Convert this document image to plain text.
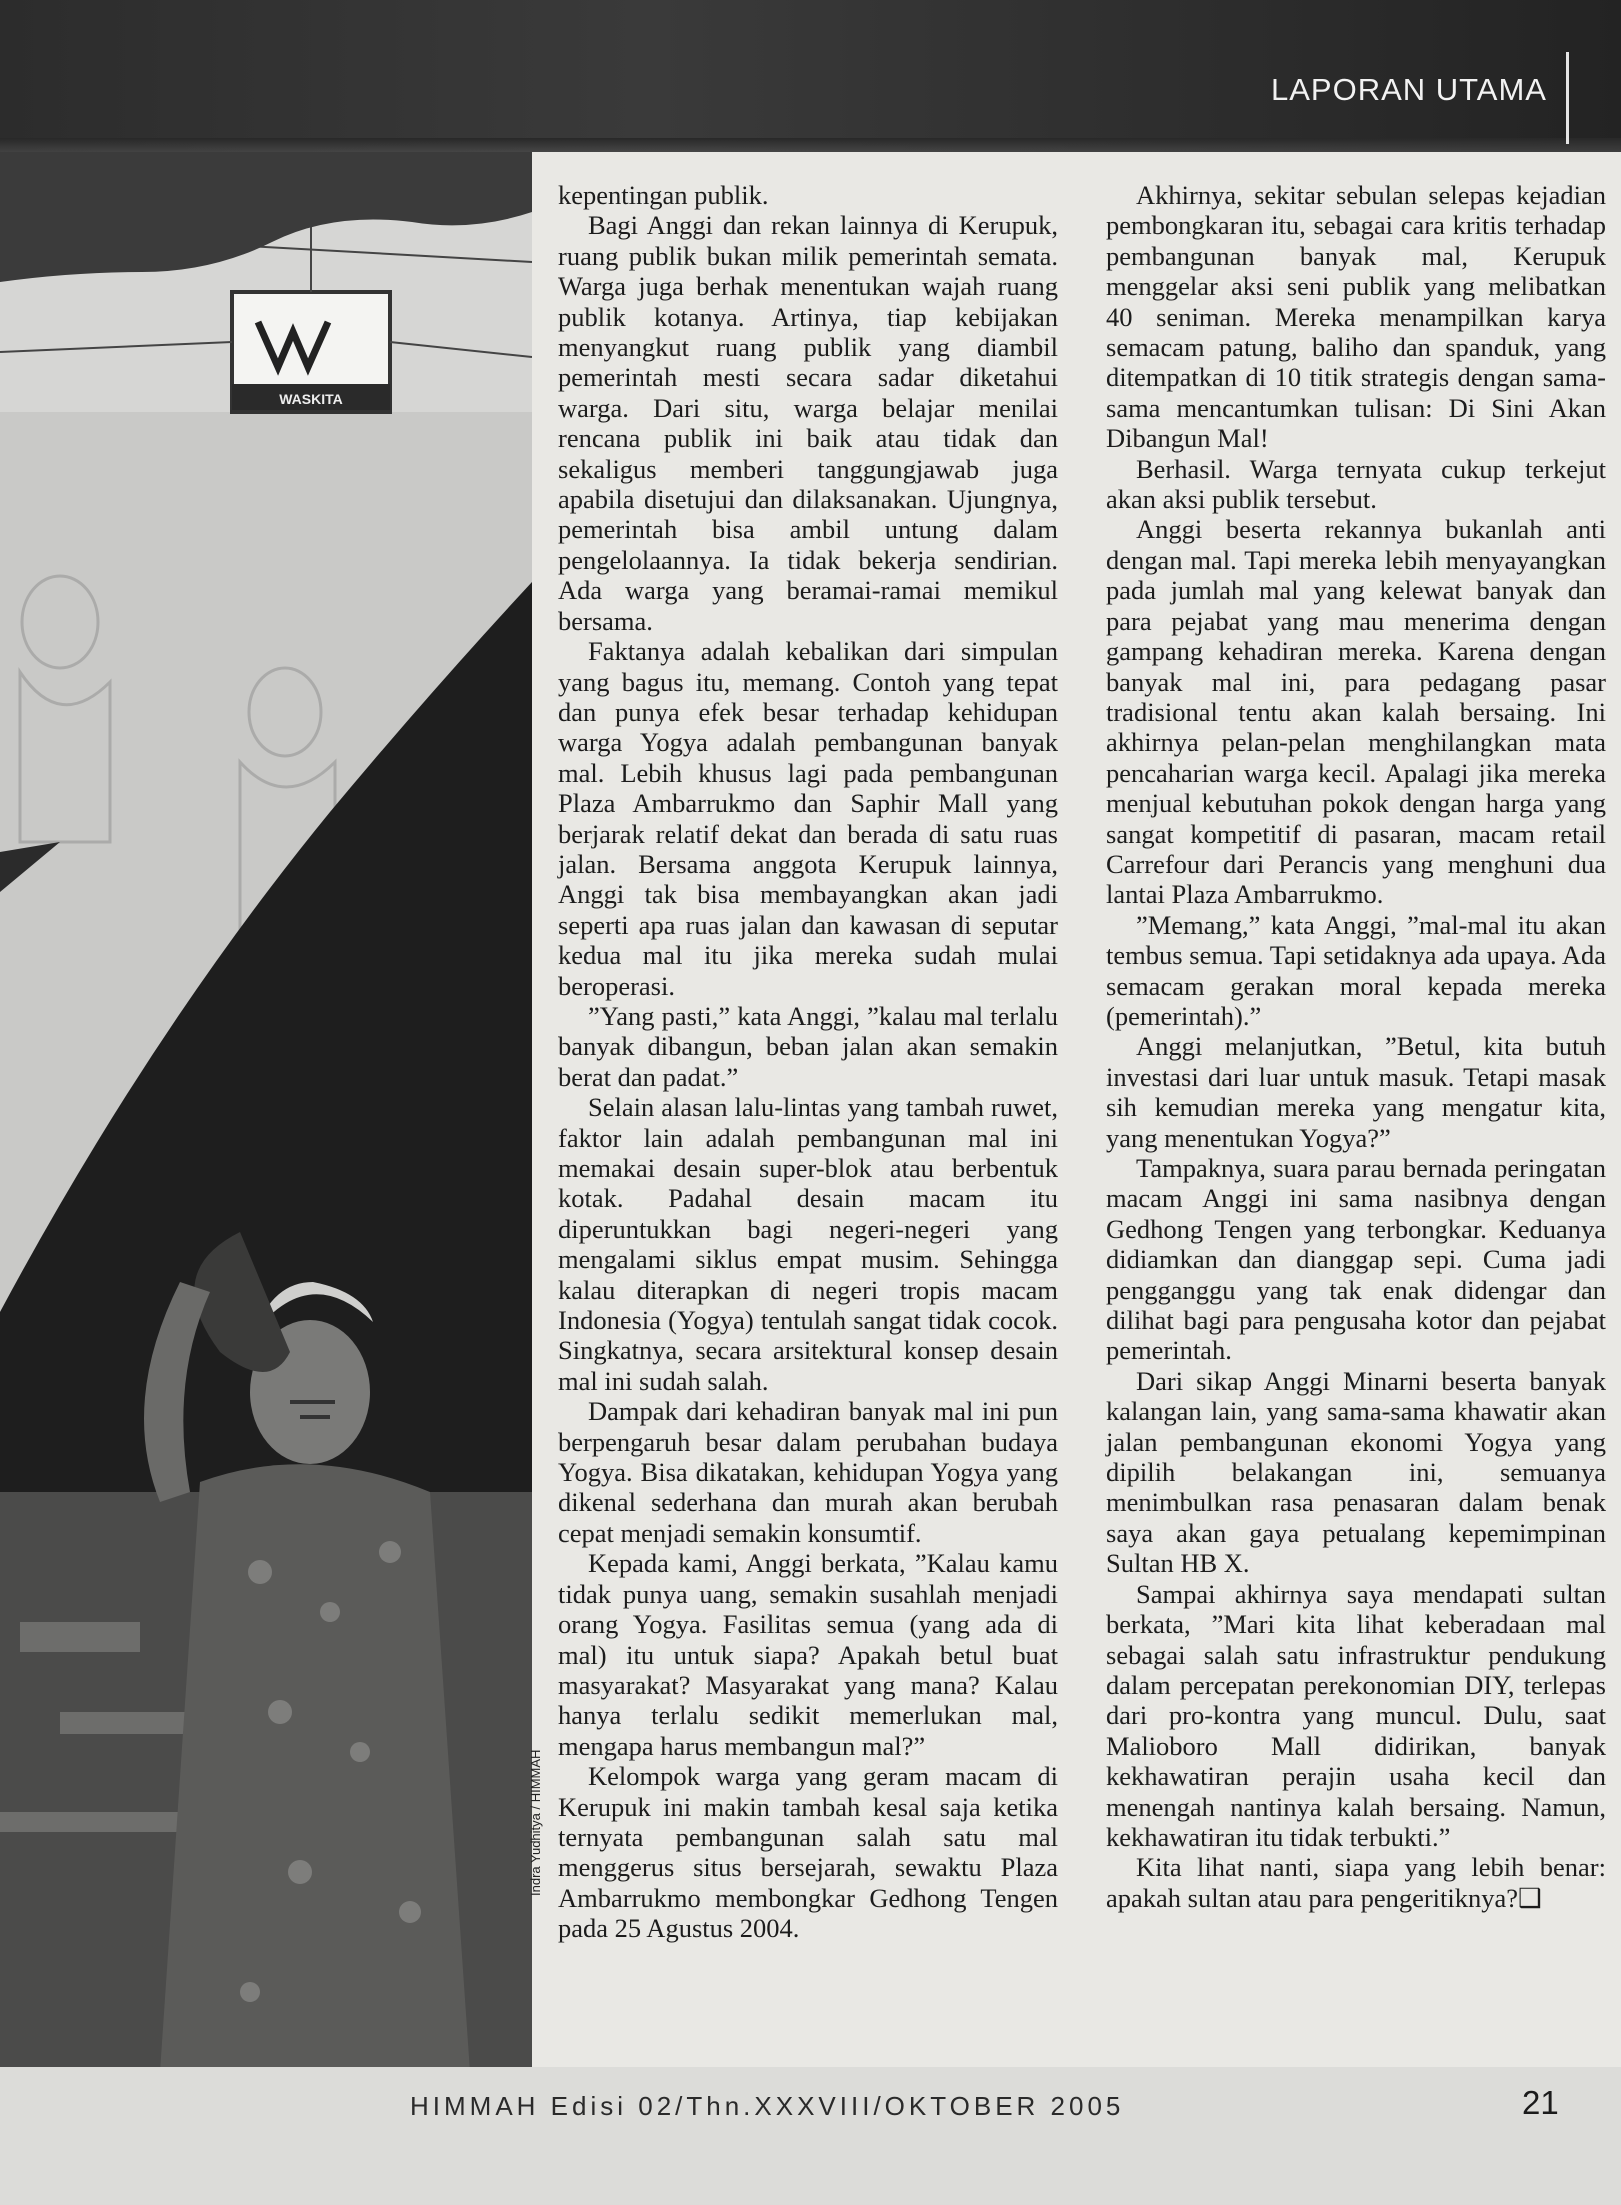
LAPORAN UTAMA
WASKITA
Indra Yudhitya / HIMMAH

kepentingan publik.

Bagi Anggi dan rekan lainnya di Kerupuk, ruang publik bukan milik pemerintah semata. Warga juga berhak menentukan wajah ruang publik kotanya. Artinya, tiap kebijakan menyangkut ruang publik yang diambil pemerintah mesti secara sadar diketahui warga. Dari situ, warga belajar menilai rencana publik ini baik atau tidak dan sekaligus memberi tanggungjawab juga apabila disetujui dan dilaksanakan. Ujungnya, pemerintah bisa ambil untung dalam pengelolaannya. Ia tidak bekerja sendirian. Ada warga yang beramai-ramai memikul bersama.

Faktanya adalah kebalikan dari simpulan yang bagus itu, memang. Contoh yang tepat dan punya efek besar terhadap kehidupan warga Yogya adalah pembangunan banyak mal. Lebih khusus lagi pada pembangunan Plaza Ambarrukmo dan Saphir Mall yang berjarak relatif dekat dan berada di satu ruas jalan. Bersama anggota Kerupuk lainnya, Anggi tak bisa membayangkan akan jadi seperti apa ruas jalan dan kawasan di seputar kedua mal itu jika mereka sudah mulai beroperasi.

”Yang pasti,” kata Anggi, ”kalau mal terlalu banyak dibangun, beban jalan akan semakin berat dan padat.”

Selain alasan lalu-lintas yang tambah ruwet, faktor lain adalah pembangunan mal ini memakai desain super-blok atau berbentuk kotak. Padahal desain macam itu diperuntukkan bagi negeri-negeri yang mengalami siklus empat musim. Sehingga kalau diterapkan di negeri tropis macam Indonesia (Yogya) tentulah sangat tidak cocok. Singkatnya, secara arsitektural konsep desain mal ini sudah salah.

Dampak dari kehadiran banyak mal ini pun berpengaruh besar dalam perubahan budaya Yogya. Bisa dikatakan, kehidupan Yogya yang dikenal sederhana dan murah akan berubah cepat menjadi semakin konsumtif.

Kepada kami, Anggi berkata, ”Kalau kamu tidak punya uang, semakin susahlah menjadi orang Yogya. Fasilitas semua (yang ada di mal) itu untuk siapa? Apakah betul buat masyarakat? Masyarakat yang mana? Kalau hanya terlalu sedikit memerlukan mal, mengapa harus membangun mal?”

Kelompok warga yang geram macam di Kerupuk ini makin tambah kesal saja ketika ternyata pembangunan salah satu mal menggerus situs bersejarah, sewaktu Plaza Ambarrukmo membongkar Gedhong Tengen pada 25 Agustus 2004.

Akhirnya, sekitar sebulan selepas kejadian pembongkaran itu, sebagai cara kritis terhadap pembangunan banyak mal, Kerupuk menggelar aksi seni publik yang melibatkan 40 seniman. Mereka menampilkan karya semacam patung, baliho dan spanduk, yang ditempatkan di 10 titik strategis dengan sama-sama mencantumkan tulisan: Di Sini Akan Dibangun Mal!

Berhasil. Warga ternyata cukup terkejut akan aksi publik tersebut.

Anggi beserta rekannya bukanlah anti dengan mal. Tapi mereka lebih menyayangkan pada jumlah mal yang kelewat banyak dan para pejabat yang mau menerima dengan gampang kehadiran mereka. Karena dengan banyak mal ini, para pedagang pasar tradisional tentu akan kalah bersaing. Ini akhirnya pelan-pelan menghilangkan mata pencaharian warga kecil. Apalagi jika mereka menjual kebutuhan pokok dengan harga yang sangat kompetitif di pasaran, macam retail Carrefour dari Perancis yang menghuni dua lantai Plaza Ambarrukmo.

”Memang,” kata Anggi, ”mal-mal itu akan tembus semua. Tapi setidaknya ada upaya. Ada semacam gerakan moral kepada mereka (pemerintah).”

Anggi melanjutkan, ”Betul, kita butuh investasi dari luar untuk masuk. Tetapi masak sih kemudian mereka yang mengatur kita, yang menentukan Yogya?”

Tampaknya, suara parau bernada peringatan macam Anggi ini sama nasibnya dengan Gedhong Tengen yang terbongkar. Keduanya didiamkan dan dianggap sepi. Cuma jadi pengganggu yang tak enak didengar dan dilihat bagi para pengusaha kotor dan pejabat pemerintah.

Dari sikap Anggi Minarni beserta banyak kalangan lain, yang sama-sama khawatir akan jalan pembangunan ekonomi Yogya yang dipilih belakangan ini, semuanya menimbulkan rasa penasaran dalam benak saya akan gaya petualang kepemimpinan Sultan HB X.

Sampai akhirnya saya mendapati sultan berkata, ”Mari kita lihat keberadaan mal sebagai salah satu infrastruktur pendukung dalam percepatan perekonomian DIY, terlepas dari pro-kontra yang muncul. Dulu, saat Malioboro Mall didirikan, banyak kekhawatiran perajin usaha kecil dan menengah nantinya kalah bersaing. Namun, kekhawatiran itu tidak terbukti.”

Kita lihat nanti, siapa yang lebih benar: apakah sultan atau para pengeritiknya?❑

HIMMAH Edisi 02/Thn.XXXVIII/OKTOBER 2005	21
